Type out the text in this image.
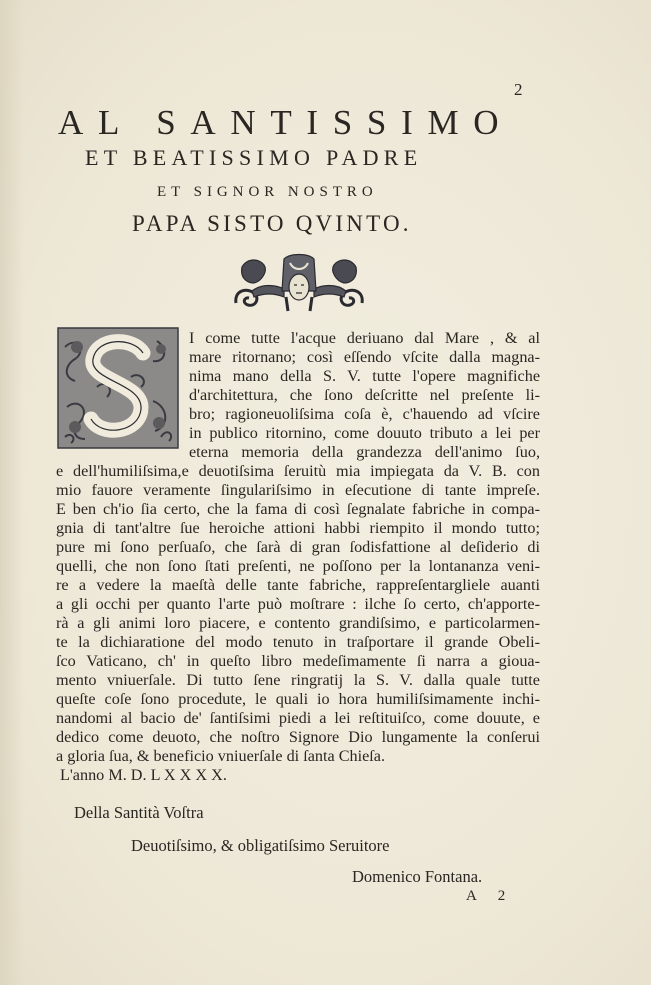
2
AL SANTISSIMO
ET BEATISSIMO PADRE
ET SIGNOR NOSTRO
PAPA SISTO QVINTO.
I come tutte l'acque deriuano dal Mare , & al
mare ritornano; così eſſendo vſcite dalla magna-
nima mano della S. V. tutte l'opere magnifiche
d'architettura, che ſono deſcritte nel preſente li-
bro; ragioneuoliſsima coſa è, c'hauendo ad vſcire
in publico ritornino, come douuto tributo a lei per
eterna memoria della grandezza dell'animo ſuo,
e dell'humiliſsima,e deuotiſsima ſeruitù mia impiegata da V. B. con
mio fauore veramente ſingulariſsimo in eſecutione di tante impreſe.
E ben ch'io ſia certo, che la fama di così ſegnalate fabriche in compa-
gnia di tant'altre ſue heroiche attioni habbi riempito il mondo tutto;
pure mi ſono perſuaſo, che ſarà di gran ſodisfattione al deſiderio di
quelli, che non ſono ſtati preſenti, ne poſſono per la lontananza veni-
re a vedere la maeſtà delle tante fabriche, rappreſentargliele auanti
a gli occhi per quanto l'arte può moſtrare : ilche ſo certo, ch'apporte-
rà a gli animi loro piacere, e contento grandiſsimo, e particolarmen-
te la dichiaratione del modo tenuto in traſportare il grande Obeli-
ſco Vaticano, ch' in queſto libro medeſimamente ſi narra a gioua-
mento vniuerſale. Di tutto ſene ringratij la S. V. dalla quale tutte
queſte coſe ſono procedute, le quali io hora humiliſsimamente inchi-
nandomi al bacio de' ſantiſsimi piedi a lei reſtituiſco, come douute, e
dedico come deuoto, che noſtro Signore Dio lungamente la conſerui
a gloria ſua, & beneficio vniuerſale di ſanta Chieſa.
L'anno M. D. L X X X X.
Della Santità Voſtra
Deuotiſsimo, & obligatiſsimo Seruitore
Domenico Fontana.
A 2
